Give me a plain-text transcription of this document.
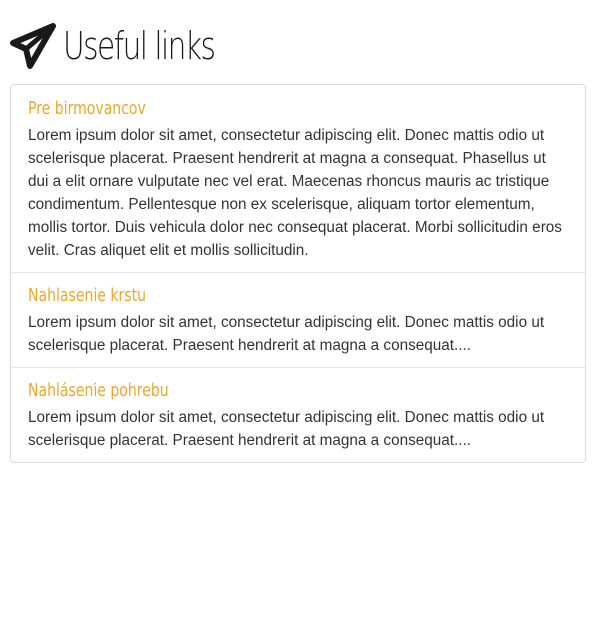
Useful links
Pre birmovancov

Lorem ipsum dolor sit amet, consectetur adipiscing elit. Donec mattis odio ut scelerisque placerat. Praesent hendrerit at magna a consequat. Phasellus ut dui a elit ornare vulputate nec vel erat. Maecenas rhoncus mauris ac tristique condimentum. Pellentesque non ex scelerisque, aliquam tortor elementum, mollis tortor. Duis vehicula dolor nec consequat placerat. Morbi sollicitudin eros velit. Cras aliquet elit et mollis sollicitudin.

Nahlasenie krstu

Lorem ipsum dolor sit amet, consectetur adipiscing elit. Donec mattis odio ut scelerisque placerat. Praesent hendrerit at magna a consequat....

Nahlásenie pohrebu

Lorem ipsum dolor sit amet, consectetur adipiscing elit. Donec mattis odio ut scelerisque placerat. Praesent hendrerit at magna a consequat....
